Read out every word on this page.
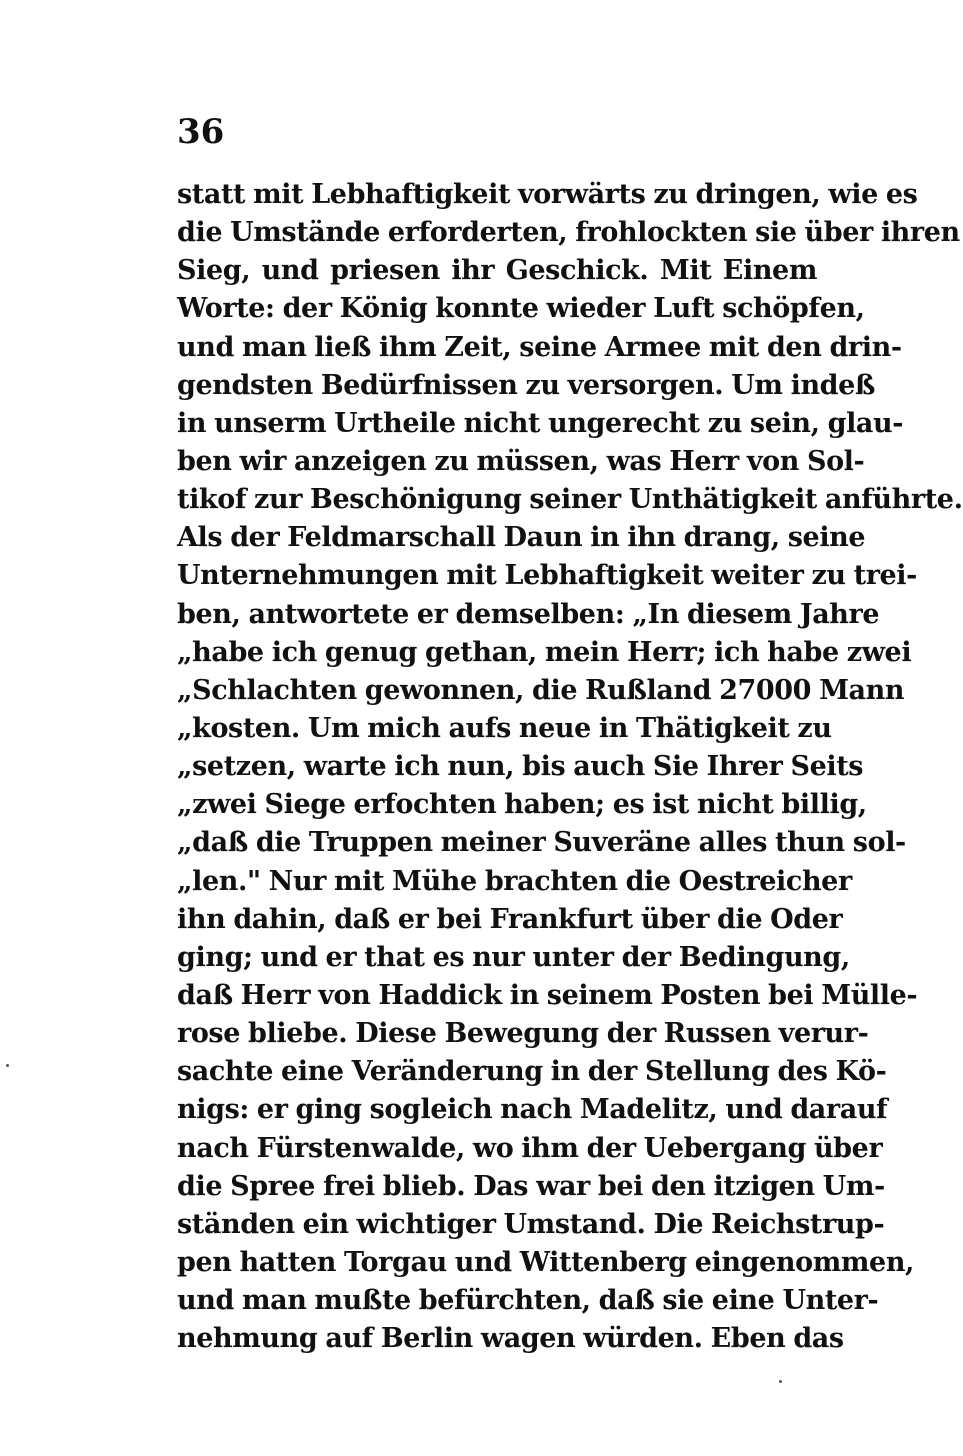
36
statt mit Lebhaftigkeit vorwärts zu dringen, wie es
die Umstände erforderten, frohlockten sie über ihren
Sieg, und priesen ihr Geschick. Mit Einem
Worte: der König konnte wieder Luft schöpfen,
und man ließ ihm Zeit, seine Armee mit den drin-
gendsten Bedürfnissen zu versorgen. Um indeß
in unserm Urtheile nicht ungerecht zu sein, glau-
ben wir anzeigen zu müssen, was Herr von Sol-
tikof zur Beschönigung seiner Unthätigkeit anführte.
Als der Feldmarschall Daun in ihn drang, seine
Unternehmungen mit Lebhaftigkeit weiter zu trei-
ben, antwortete er demselben: „In diesem Jahre
„habe ich genug gethan, mein Herr; ich habe zwei
„Schlachten gewonnen, die Rußland 27000 Mann
„kosten. Um mich aufs neue in Thätigkeit zu
„setzen, warte ich nun, bis auch Sie Ihrer Seits
„zwei Siege erfochten haben; es ist nicht billig,
„daß die Truppen meiner Suveräne alles thun sol-
„len." Nur mit Mühe brachten die Oestreicher
ihn dahin, daß er bei Frankfurt über die Oder
ging; und er that es nur unter der Bedingung,
daß Herr von Haddick in seinem Posten bei Mülle-
rose bliebe. Diese Bewegung der Russen verur-
sachte eine Veränderung in der Stellung des Kö-
nigs: er ging sogleich nach Madelitz, und darauf
nach Fürstenwalde, wo ihm der Uebergang über
die Spree frei blieb. Das war bei den itzigen Um-
ständen ein wichtiger Umstand. Die Reichstrup-
pen hatten Torgau und Wittenberg eingenommen,
und man mußte befürchten, daß sie eine Unter-
nehmung auf Berlin wagen würden. Eben das
